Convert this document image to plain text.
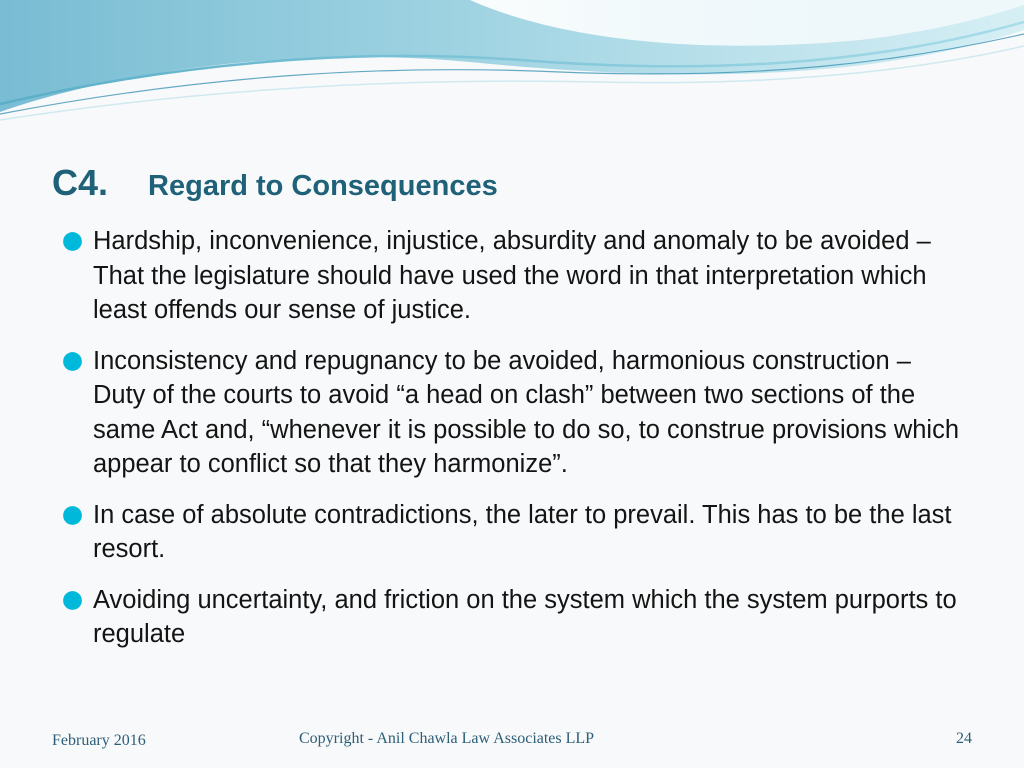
C4. Regard to Consequences
Hardship, inconvenience, injustice, absurdity and anomaly to be avoided – That the legislature should have used the word in that interpretation which least offends our sense of justice.
Inconsistency and repugnancy to be avoided, harmonious construction – Duty of the courts to avoid “a head on clash” between two sections of the same Act and, “whenever it is possible to do so, to construe provisions which appear to conflict so that they harmonize”.
In case of absolute contradictions, the later to prevail. This has to be the last resort.
Avoiding uncertainty, and friction on the system which the system purports to regulate
February 2016	Copyright - Anil Chawla Law Associates LLP	24
